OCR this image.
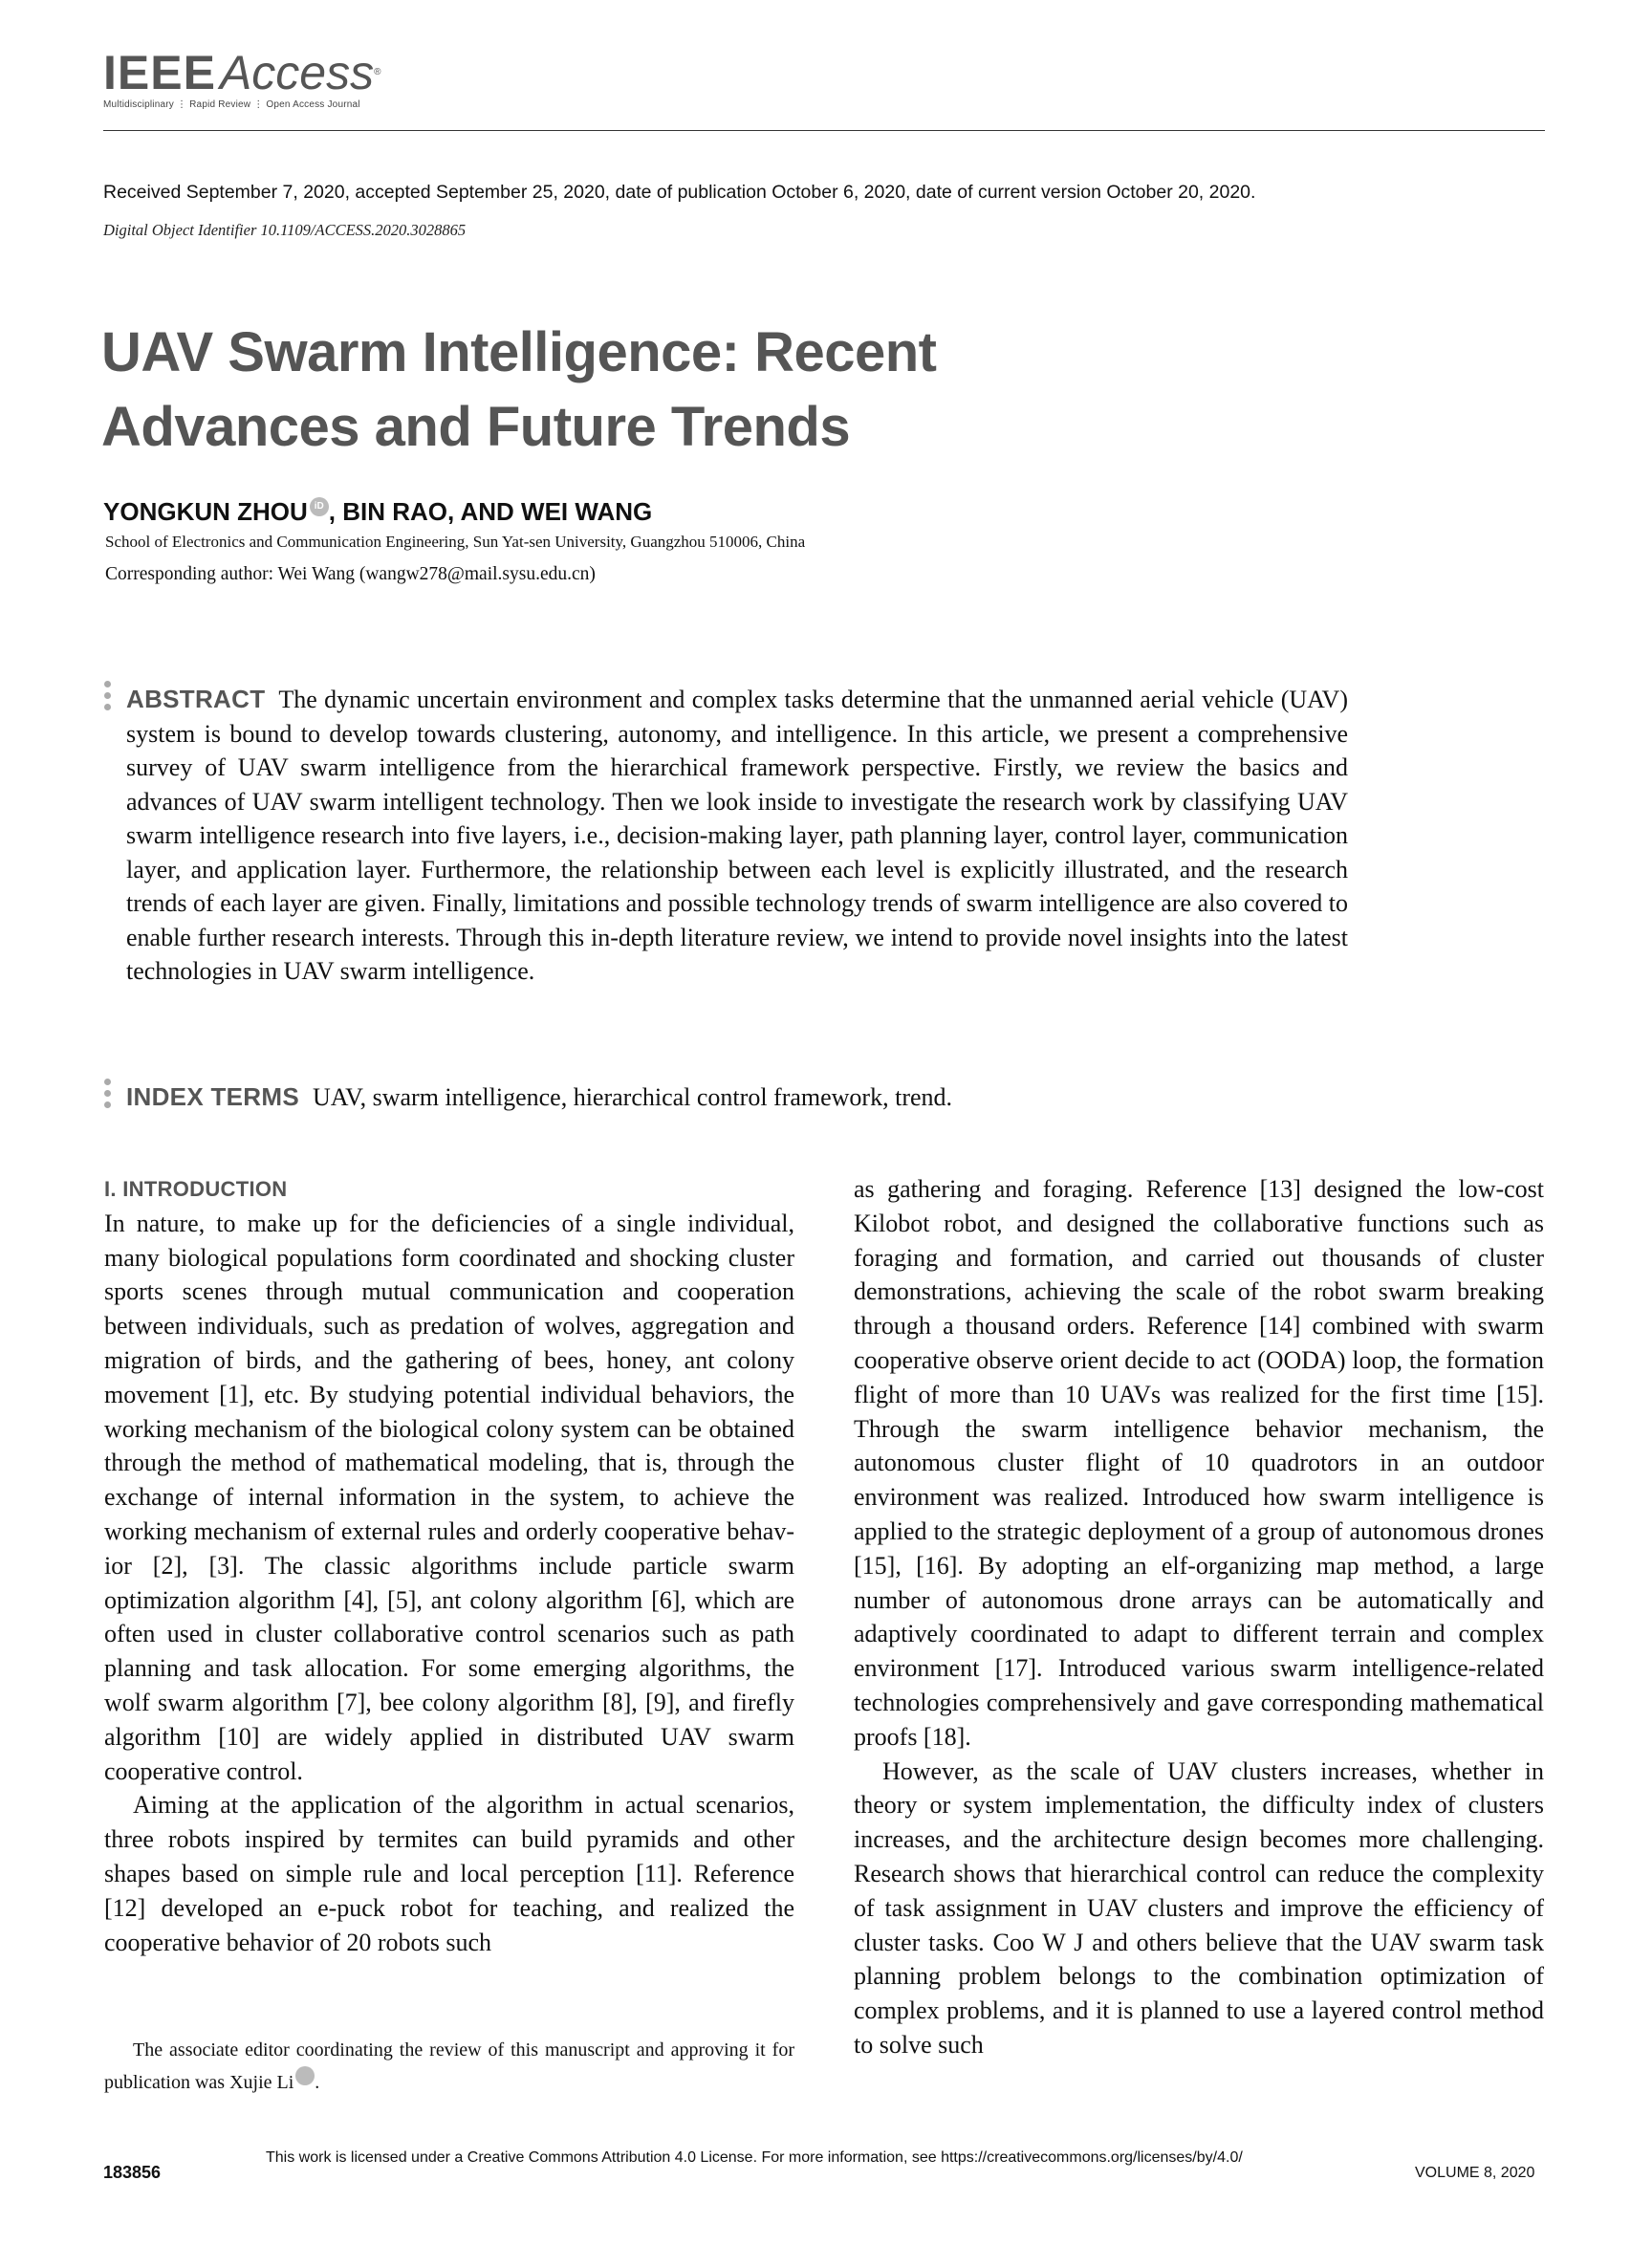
IEEEAccess®
Multidisciplinary ⋮ Rapid Review ⋮ Open Access Journal
Received September 7, 2020, accepted September 25, 2020, date of publication October 6, 2020, date of current version October 20, 2020.
Digital Object Identifier 10.1109/ACCESS.2020.3028865
UAV Swarm Intelligence: Recent Advances and Future Trends
YONGKUN ZHOU iD , BIN RAO, AND WEI WANG
School of Electronics and Communication Engineering, Sun Yat-sen University, Guangzhou 510006, China
Corresponding author: Wei Wang (wangw278@mail.sysu.edu.cn)

ABSTRACT The dynamic uncertain environment and complex tasks determine that the unmanned aerial vehicle (UAV) system is bound to develop towards clustering, autonomy, and intelligence. In this article, we present a comprehensive survey of UAV swarm intelligence from the hierarchical framework perspective. Firstly, we review the basics and advances of UAV swarm intelligent technology. Then we look inside to investigate the research work by classifying UAV swarm intelligence research into five layers, i.e., decision-making layer, path planning layer, control layer, communication layer, and application layer. Furthermore, the relationship between each level is explicitly illustrated, and the research trends of each layer are given. Finally, limitations and possible technology trends of swarm intelligence are also covered to enable further research interests. Through this in-depth literature review, we intend to provide novel insights into the latest technologies in UAV swarm intelligence.

INDEX TERMS UAV, swarm intelligence, hierarchical control framework, trend.

I. INTRODUCTION

In nature, to make up for the deficiencies of a single individual, many biological populations form coordinated and shocking cluster sports scenes through mutual communication and cooperation between individuals, such as predation of wolves, aggregation and migration of birds, and the gathering of bees, honey, ant colony movement [1], etc. By studying potential individual behaviors, the working mechanism of the biological colony system can be obtained through the method of mathematical modeling, that is, through the exchange of internal information in the system, to achieve the working mechanism of external rules and orderly cooperative behavior [2], [3]. The classic algorithms include particle swarm optimization algorithm [4], [5], ant colony algorithm [6], which are often used in cluster collaborative control scenarios such as path planning and task allocation. For some emerging algorithms, the wolf swarm algorithm [7], bee colony algorithm [8], [9], and firefly algorithm [10] are widely applied in distributed UAV swarm cooperative control.

Aiming at the application of the algorithm in actual scenarios, three robots inspired by termites can build pyramids and other shapes based on simple rule and local perception [11]. Reference [12] developed an e-puck robot for teaching, and realized the cooperative behavior of 20 robots such

as gathering and foraging. Reference [13] designed the low-cost Kilobot robot, and designed the collaborative functions such as foraging and formation, and carried out thousands of cluster demonstrations, achieving the scale of the robot swarm breaking through a thousand orders. Reference [14] combined with swarm cooperative observe orient decide to act (OODA) loop, the formation flight of more than 10 UAVs was realized for the first time [15]. Through the swarm intelligence behavior mechanism, the autonomous cluster flight of 10 quadrotors in an outdoor environment was realized. Introduced how swarm intelligence is applied to the strategic deployment of a group of autonomous drones [15], [16]. By adopting an elf-organizing map method, a large number of autonomous drone arrays can be automatically and adaptively coordinated to adapt to different terrain and complex environment [17]. Introduced various swarm intelligence-related technologies comprehensively and gave corresponding mathematical proofs [18].

However, as the scale of UAV clusters increases, whether in theory or system implementation, the difficulty index of clusters increases, and the architecture design becomes more challenging. Research shows that hierarchical control can reduce the complexity of task assignment in UAV clusters and improve the efficiency of cluster tasks. Coo W J and others believe that the UAV swarm task planning problem belongs to the combination optimization of complex problems, and it is planned to use a layered control method to solve such

The associate editor coordinating the review of this manuscript and approving it for publication was Xujie Li	iD.

183856
This work is licensed under a Creative Commons Attribution 4.0 License. For more information, see https://creativecommons.org/licenses/by/4.0/
VOLUME 8, 2020
